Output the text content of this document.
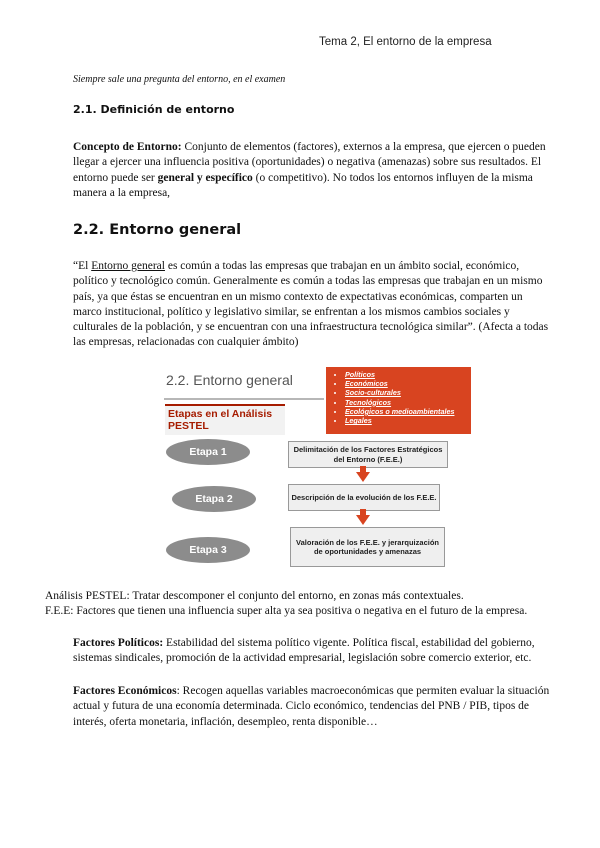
Tema 2, El entorno de la empresa
Siempre sale una pregunta del entorno, en el examen
2.1. Definición de entorno
Concepto de Entorno: Conjunto de elementos (factores), externos a la empresa, que ejercen o pueden llegar a ejercer una influencia positiva (oportunidades) o negativa (amenazas) sobre sus resultados. El entorno puede ser general y específico (o competitivo). No todos los entornos influyen de la misma manera a la empresa,
2.2. Entorno general
“El Entorno general es común a todas las empresas que trabajan en un ámbito social, económico, político y tecnológico común. Generalmente es común a todas las empresas que trabajan en un mismo país, ya que éstas se encuentran en un mismo contexto de expectativas económicas, comparten un marco institucional, político y legislativo similar, se enfrentan a los mismos cambios sociales y culturales de la población, y se encuentran con una infraestructura tecnológica similar”. (Afecta a todas las empresas, relacionadas con cualquier ámbito)
2.2. Entorno general
•	Políticos
• Económicos
• Socio-culturales
• Tecnológicos
• Ecológicos o medioambientales
• Legales
Etapas en el Análisis
PESTEL
Etapa 1
Etapa 2
Etapa 3
Delimitación de los Factores Estratégicos del Entorno (F.E.E.)
Descripción de la evolución de los F.E.E.
Valoración de los F.E.E. y jerarquización de oportunidades y amenazas
Análisis PESTEL: Tratar descomponer el conjunto del entorno, en zonas más contextuales.
F.E.E: Factores que tienen una influencia super alta ya sea positiva o negativa en el futuro de la empresa.
Factores Políticos: Estabilidad del sistema político vigente. Política fiscal, estabilidad del gobierno, sistemas sindicales, promoción de la actividad empresarial, legislación sobre comercio exterior, etc.
Factores Económicos: Recogen aquellas variables macroeconómicas que permiten evaluar la situación actual y futura de una economía determinada. Ciclo económico, tendencias del PNB / PIB, tipos de interés, oferta monetaria, inflación, desempleo, renta disponible…
